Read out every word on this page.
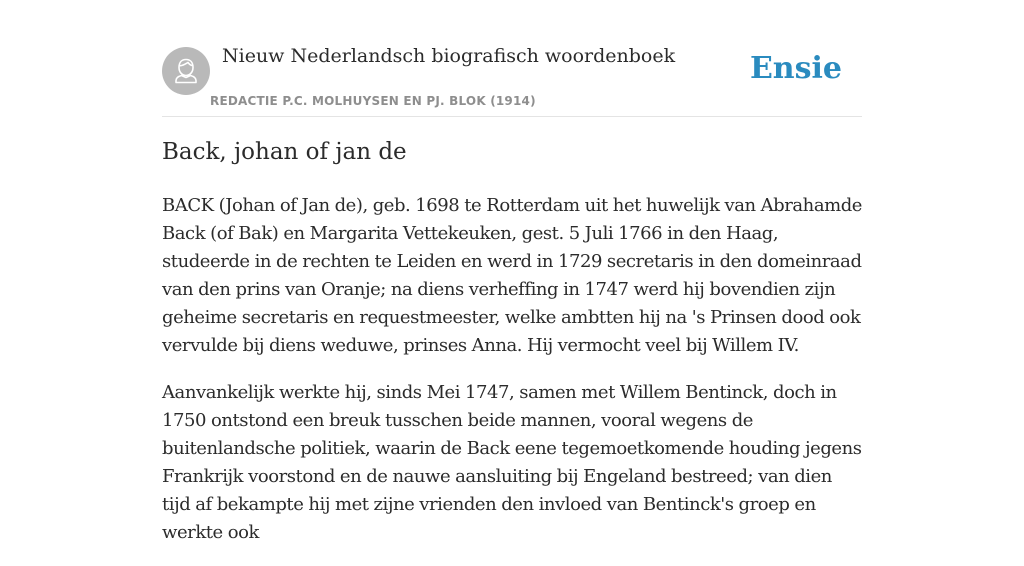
Nieuw Nederlandsch biografisch woordenboek
REDACTIE P.C. MOLHUYSEN EN PJ. BLOK (1914)
Ensie
Back, johan of jan de

BACK (Johan of Jan de), geb. 1698 te Rotterdam uit het huwelijk van Abrahamde Back (of Bak) en Margarita Vettekeuken, gest. 5 Juli 1766 in den Haag, studeerde in de rechten te Leiden en werd in 1729 secretaris in den domeinraad van den prins van Oranje; na diens verheffing in 1747 werd hij bovendien zijn geheime secretaris en requestmeester, welke ambtten hij na 's Prinsen dood ook vervulde bij diens weduwe, prinses Anna. Hij vermocht veel bij Willem IV.

Aanvankelijk werkte hij, sinds Mei 1747, samen met Willem Bentinck, doch in 1750 ontstond een breuk tusschen beide mannen, vooral wegens de buitenlandsche politiek, waarin de Back eene tegemoetkomende houding jegens Frankrijk voorstond en de nauwe aansluiting bij Engeland bestreed; van dien tijd af bekampte hij met zijne vrienden den invloed van Bentinck's groep en werkte ook
